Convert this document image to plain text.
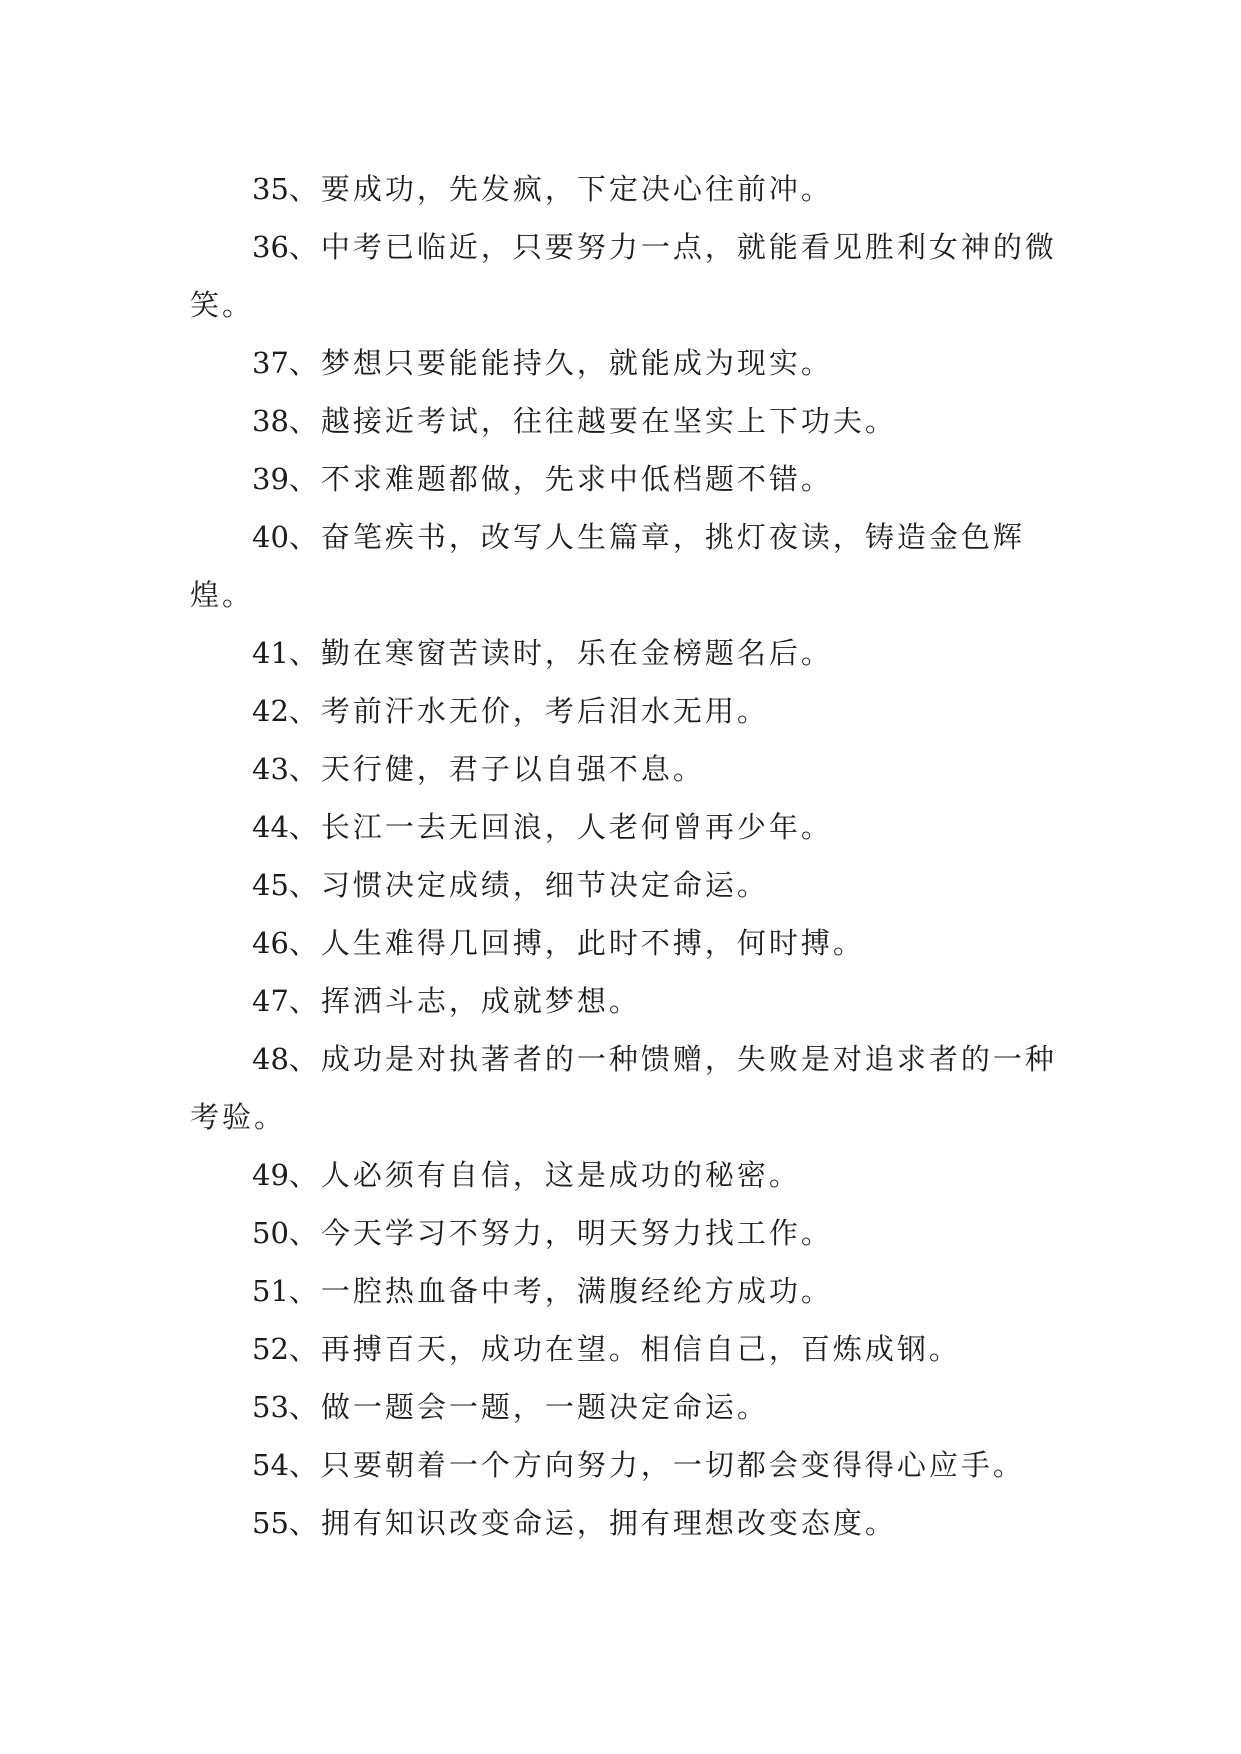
35、要成功，先发疯，下定决心往前冲。

36、中考已临近，只要努力一点，就能看见胜利女神的微笑。

37、梦想只要能能持久，就能成为现实。

38、越接近考试，往往越要在坚实上下功夫。

39、不求难题都做，先求中低档题不错。

40、奋笔疾书，改写人生篇章，挑灯夜读，铸造金色辉煌。

41、勤在寒窗苦读时，乐在金榜题名后。

42、考前汗水无价，考后泪水无用。

43、天行健，君子以自强不息。

44、长江一去无回浪，人老何曾再少年。

45、习惯决定成绩，细节决定命运。

46、人生难得几回搏，此时不搏，何时搏。

47、挥洒斗志，成就梦想。

48、成功是对执著者的一种馈赠，失败是对追求者的一种考验。

49、人必须有自信，这是成功的秘密。

50、今天学习不努力，明天努力找工作。

51、一腔热血备中考，满腹经纶方成功。

52、再搏百天，成功在望。相信自己，百炼成钢。

53、做一题会一题，一题决定命运。

54、只要朝着一个方向努力，一切都会变得得心应手。

55、拥有知识改变命运，拥有理想改变态度。
